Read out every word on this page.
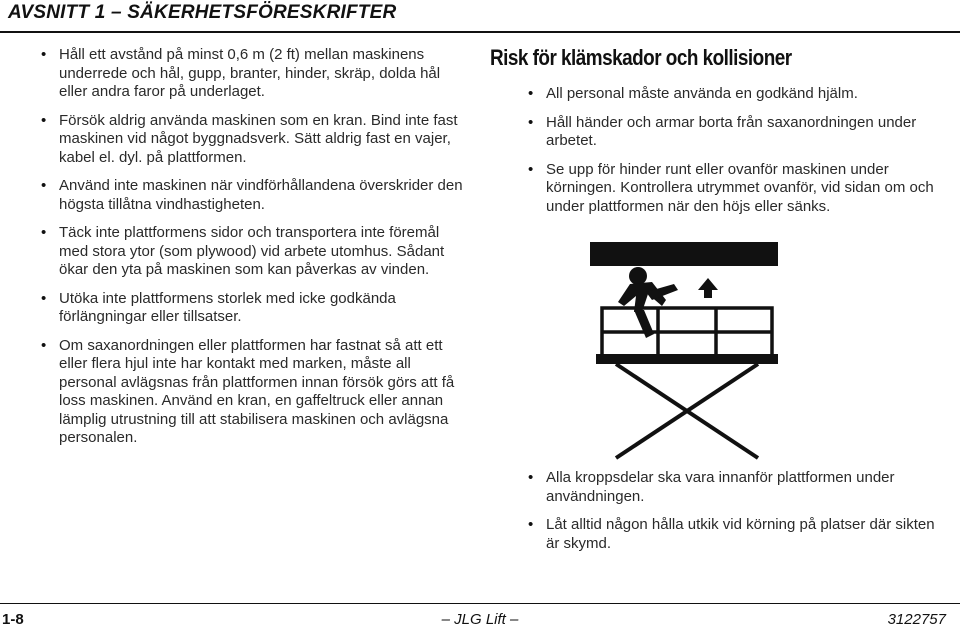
AVSNITT 1 – SÄKERHETSFÖRESKRIFTER
• Håll ett avstånd på minst 0,6 m (2 ft) mellan maskinens underrede och hål, gupp, branter, hinder, skräp, dolda hål eller andra faror på underlaget.
• Försök aldrig använda maskinen som en kran. Bind inte fast maskinen vid något byggnadsverk. Sätt aldrig fast en vajer, kabel el. dyl. på plattformen.
• Använd inte maskinen när vindförhållandena överskrider den högsta tillåtna vindhastigheten.
• Täck inte plattformens sidor och transportera inte föremål med stora ytor (som plywood) vid arbete utomhus. Sådant ökar den yta på maskinen som kan påverkas av vinden.
• Utöka inte plattformens storlek med icke godkända förlängningar eller tillsatser.
• Om saxanordningen eller plattformen har fastnat så att ett eller flera hjul inte har kontakt med marken, måste all personal avlägsnas från plattformen innan försök görs att få loss maskinen. Använd en kran, en gaffeltruck eller annan lämplig utrustning till att stabilisera maskinen och avlägsna personalen.
Risk för klämskador och kollisioner
• All personal måste använda en godkänd hjälm.
• Håll händer och armar borta från saxanordningen under arbetet.
• Se upp för hinder runt eller ovanför maskinen under körningen. Kontrollera utrymmet ovanför, vid sidan om och under plattformen när den höjs eller sänks.
• Alla kroppsdelar ska vara innanför plattformen under användningen.
• Låt alltid någon hålla utkik vid körning på platser där sikten är skymd.
1-8	– JLG Lift –	3122757
